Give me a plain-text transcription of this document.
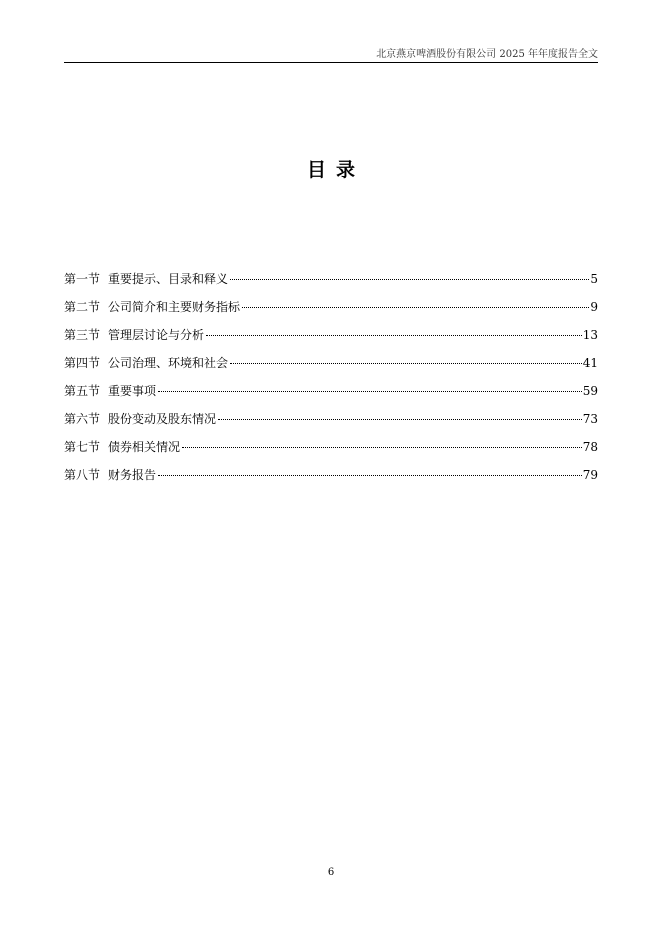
北京燕京啤酒股份有限公司 2025 年年度报告全文
目录
第一节 重要提示、目录和释义	5
第二节 公司简介和主要财务指标	9
第三节 管理层讨论与分析	13
第四节 公司治理、环境和社会	41
第五节 重要事项	59
第六节 股份变动及股东情况	73
第七节 债券相关情况	78
第八节 财务报告	79
6
